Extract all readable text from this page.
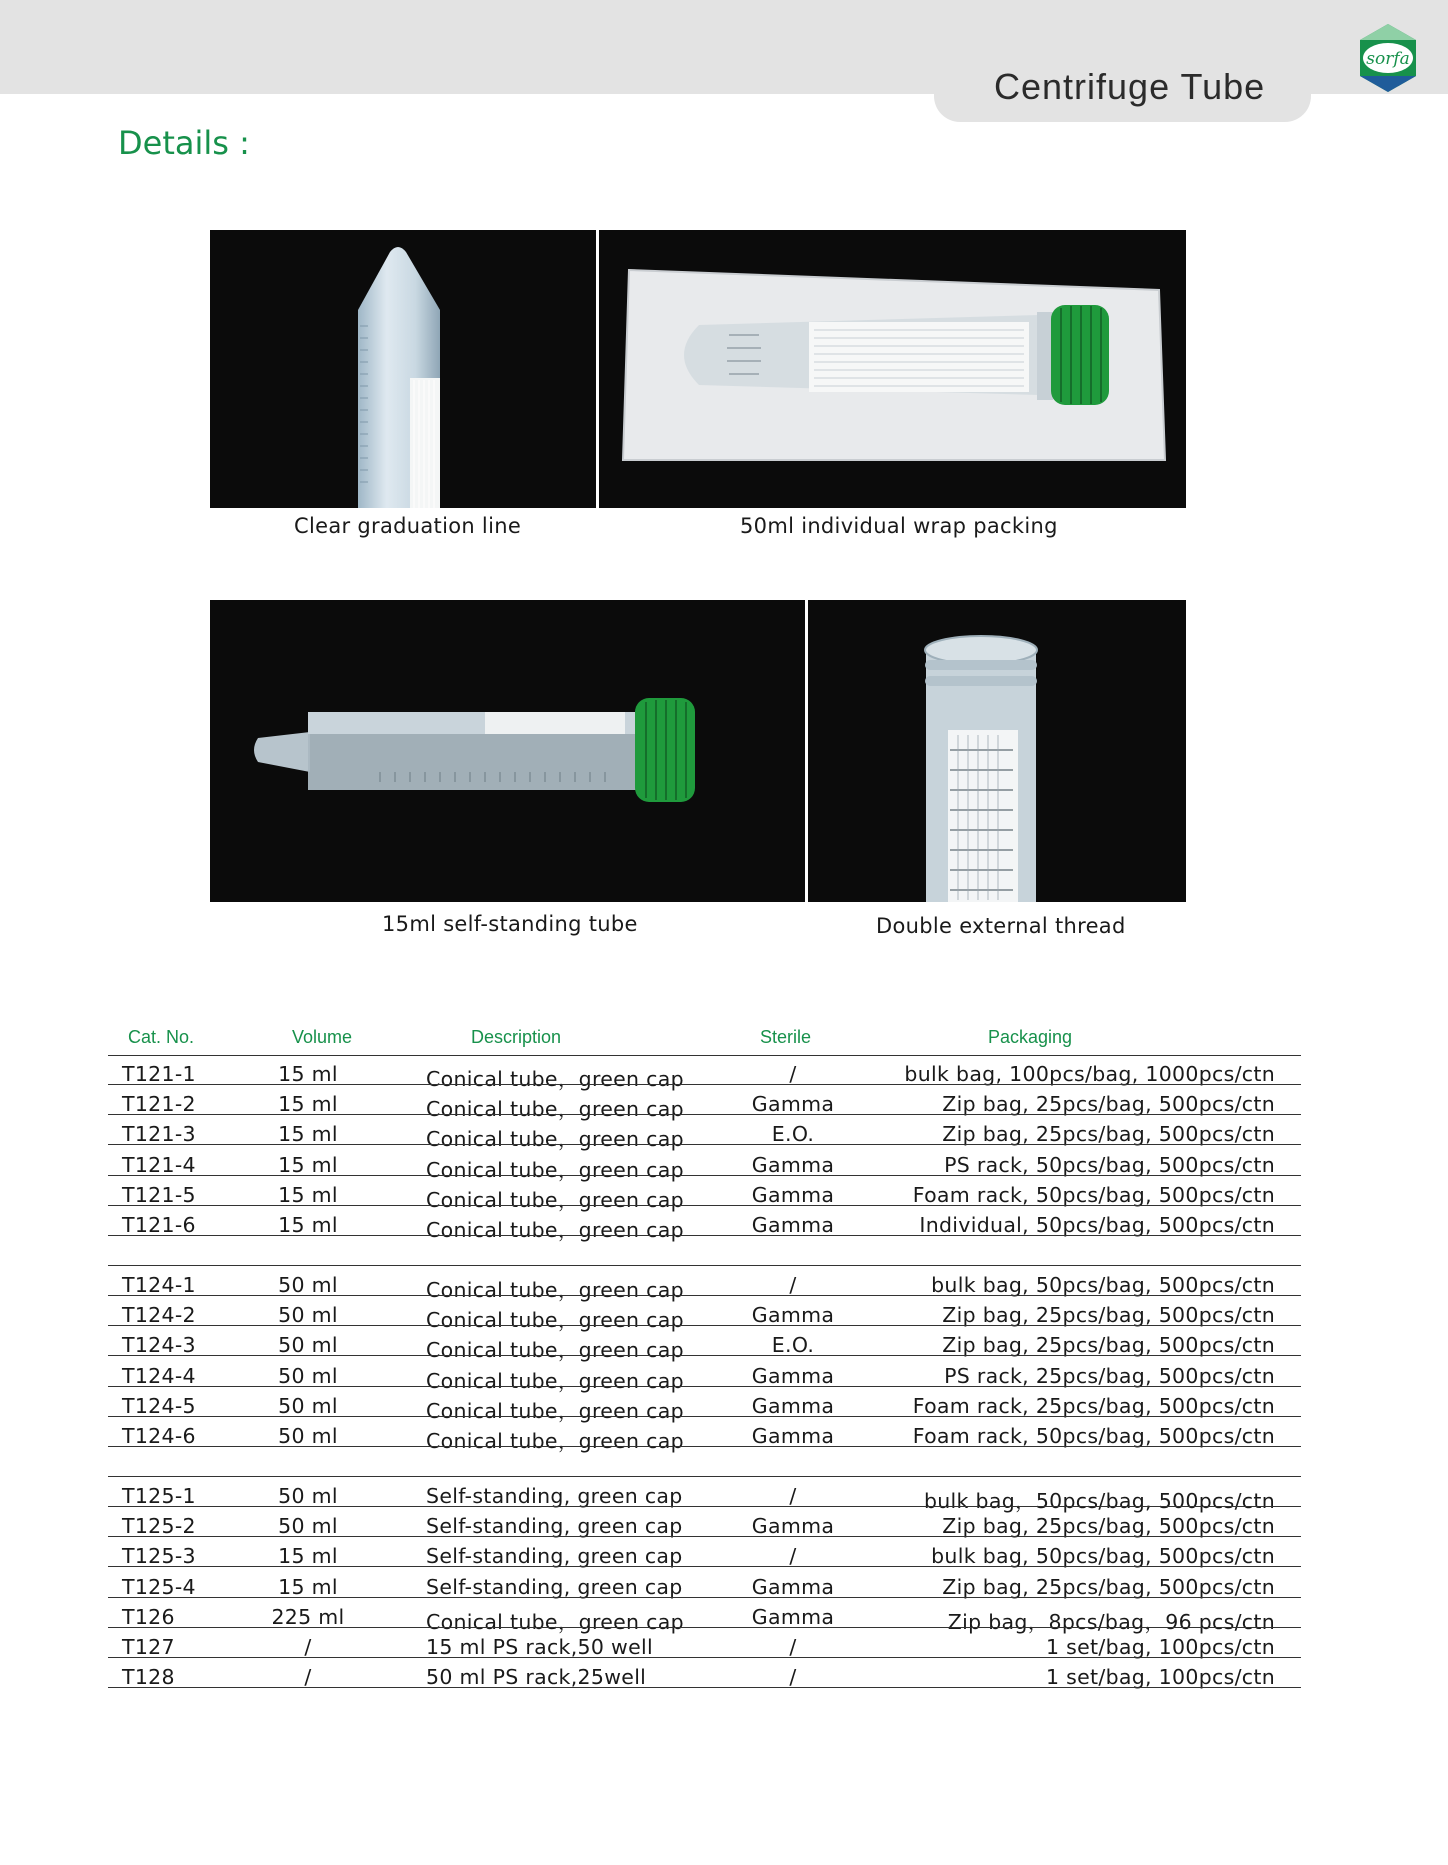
Centrifuge Tube
sorfa
Details :
Clear graduation line	50ml individual wrap packing
15ml self-standing tube	Double external thread
Cat. No.	Volume	Description	Sterile	Packaging
T121-1	15 ml	Conical tube，green cap	/	bulk bag, 100pcs/bag, 1000pcs/ctn
T121-2	15 ml	Conical tube，green cap	Gamma	Zip bag, 25pcs/bag, 500pcs/ctn
T121-3	15 ml	Conical tube，green cap	E.O.	Zip bag, 25pcs/bag, 500pcs/ctn
T121-4	15 ml	Conical tube，green cap	Gamma	PS rack, 50pcs/bag, 500pcs/ctn
T121-5	15 ml	Conical tube，green cap	Gamma	Foam rack, 50pcs/bag, 500pcs/ctn
T121-6	15 ml	Conical tube，green cap	Gamma	Individual, 50pcs/bag, 500pcs/ctn
T124-1	50 ml	Conical tube，green cap	/	bulk bag, 50pcs/bag, 500pcs/ctn
T124-2	50 ml	Conical tube，green cap	Gamma	Zip bag, 25pcs/bag, 500pcs/ctn
T124-3	50 ml	Conical tube，green cap	E.O.	Zip bag, 25pcs/bag, 500pcs/ctn
T124-4	50 ml	Conical tube，green cap	Gamma	PS rack, 25pcs/bag, 500pcs/ctn
T124-5	50 ml	Conical tube，green cap	Gamma	Foam rack, 25pcs/bag, 500pcs/ctn
T124-6	50 ml	Conical tube，green cap	Gamma	Foam rack, 50pcs/bag, 500pcs/ctn
T125-1	50 ml	Self-standing, green cap	/	bulk bag，50pcs/bag, 500pcs/ctn
T125-2	50 ml	Self-standing, green cap	Gamma	Zip bag, 25pcs/bag, 500pcs/ctn
T125-3	15 ml	Self-standing, green cap	/	bulk bag, 50pcs/bag, 500pcs/ctn
T125-4	15 ml	Self-standing, green cap	Gamma	Zip bag, 25pcs/bag, 500pcs/ctn
T126	225 ml	Conical tube，green cap	Gamma	Zip bag，8pcs/bag，96 pcs/ctn
T127	/	15 ml PS rack,50 well	/	1 set/bag, 100pcs/ctn
T128	/	50 ml PS rack,25well	/	1 set/bag, 100pcs/ctn
